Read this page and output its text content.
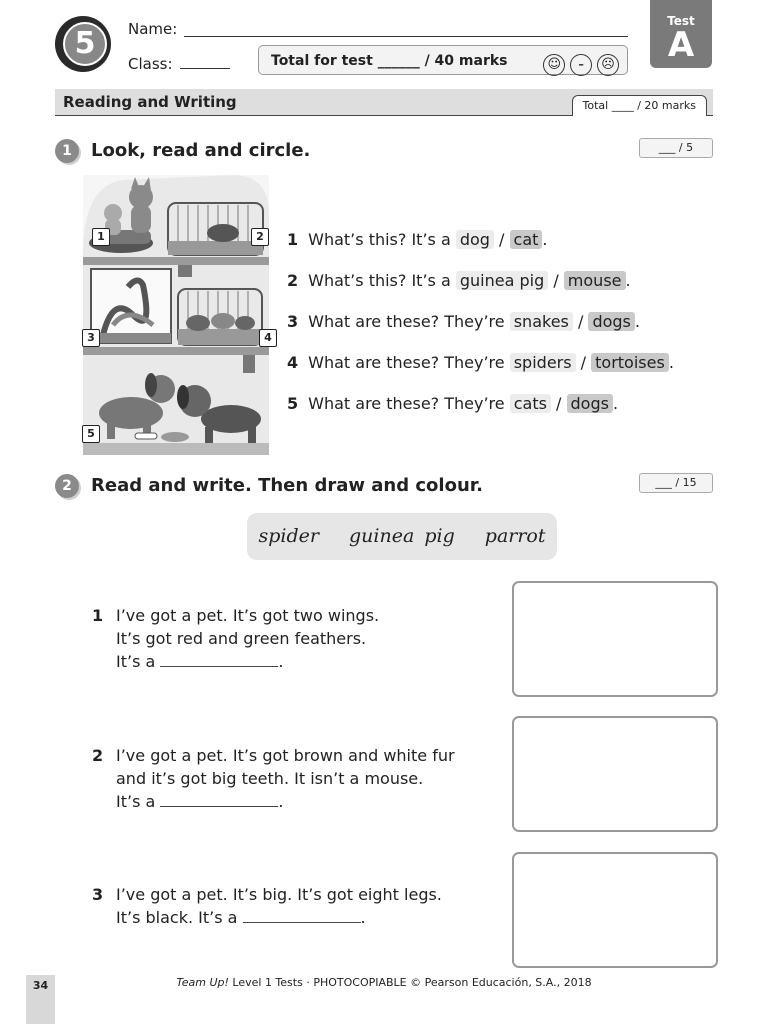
5	Name:
Class:	Total for test ______ / 40 marks	☺ – ☹
Test
A
Reading and Writing	Total ____ / 20 marks
1	Look, read and circle.	___ / 5
1	2
3	4
5
1 What’s this? It’s a dog / cat .
2 What’s this? It’s a guinea pig / mouse .
3 What are these? They’re snakes / dogs .
4 What are these? They’re spiders / tortoises .
5 What are these? They’re cats / dogs .
2	Read and write. Then draw and colour.	___ / 15
spider guinea pig parrot
1 I’ve got a pet. It’s got two wings.
It’s got red and green feathers.
It’s a	.
2 I’ve got a pet. It’s got brown and white fur
and it’s got big teeth. It isn’t a mouse.
It’s a	.
3 I’ve got a pet. It’s big. It’s got eight legs.
It’s black. It’s a	.
34	Team Up! Level 1 Tests · PHOTOCOPIABLE © Pearson Educación, S.A., 2018
